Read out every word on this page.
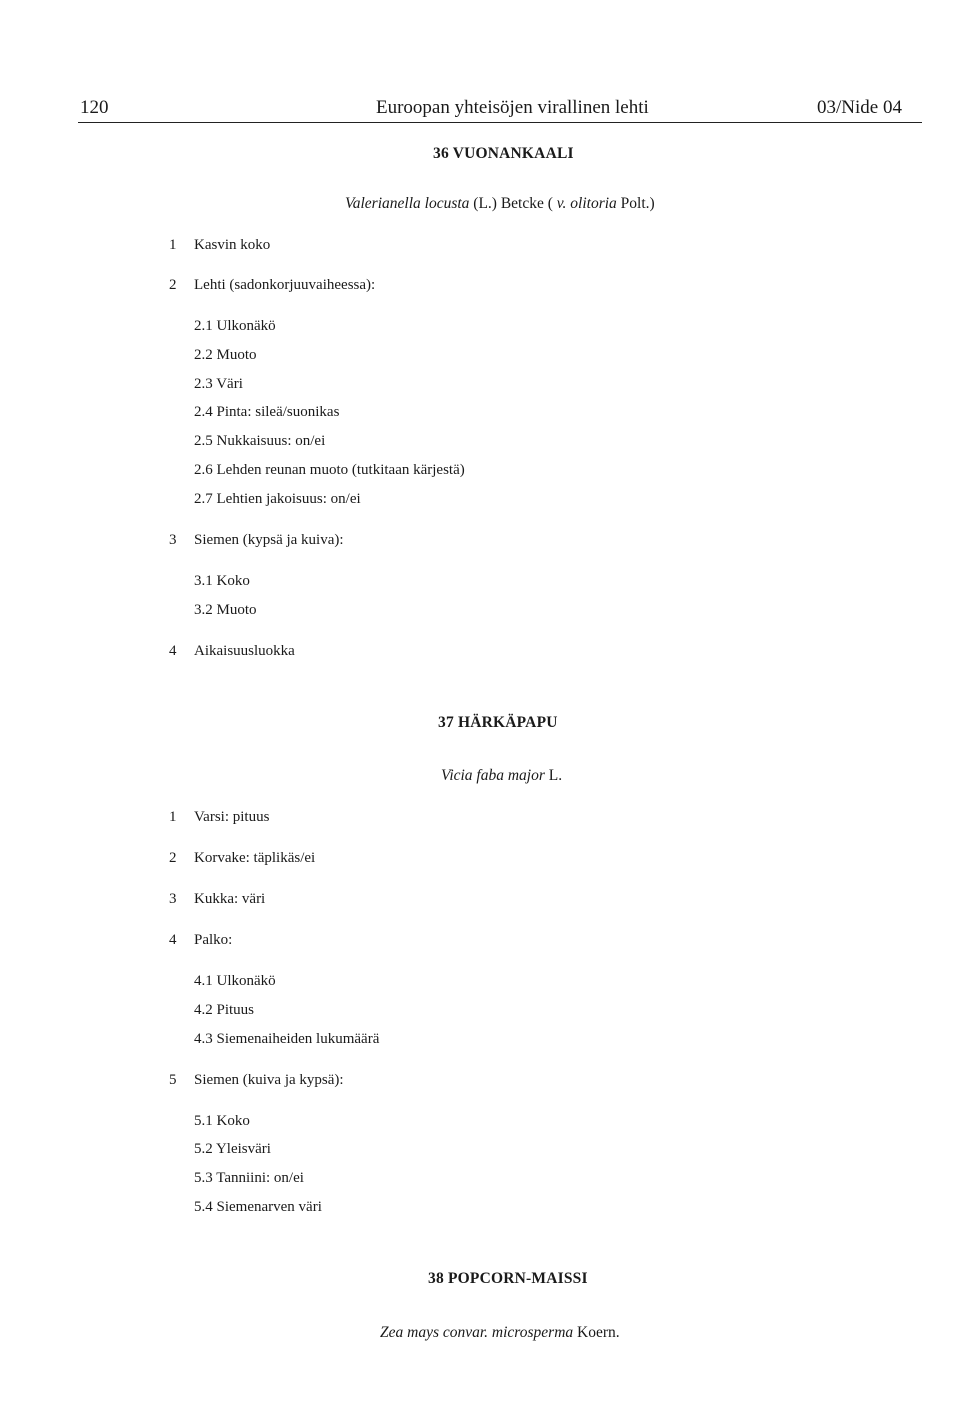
120	Euroopan yhteisöjen virallinen lehti	03/Nide 04
36 VUONANKAALI
Valerianella locusta (L.) Betcke ( v. olitoria Polt.)
1 Kasvin koko
2 Lehti (sadonkorjuuvaiheessa):
2.1 Ulkonäkö
2.2 Muoto
2.3 Väri
2.4 Pinta: sileä/suonikas
2.5 Nukkaisuus: on/ei
2.6 Lehden reunan muoto (tutkitaan kärjestä)
2.7 Lehtien jakoisuus: on/ei
3 Siemen (kypsä ja kuiva):
3.1 Koko
3.2 Muoto
4 Aikaisuusluokka
37 HÄRKÄPAPU
Vicia faba major L.
1 Varsi: pituus
2 Korvake: täplikäs/ei
3 Kukka: väri
4 Palko:
4.1 Ulkonäkö
4.2 Pituus
4.3 Siemenaiheiden lukumäärä
5 Siemen (kuiva ja kypsä):
5.1 Koko
5.2 Yleisväri
5.3 Tanniini: on/ei
5.4 Siemenarven väri
38 POPCORN-MAISSI
Zea mays convar. microsperma Koern.
